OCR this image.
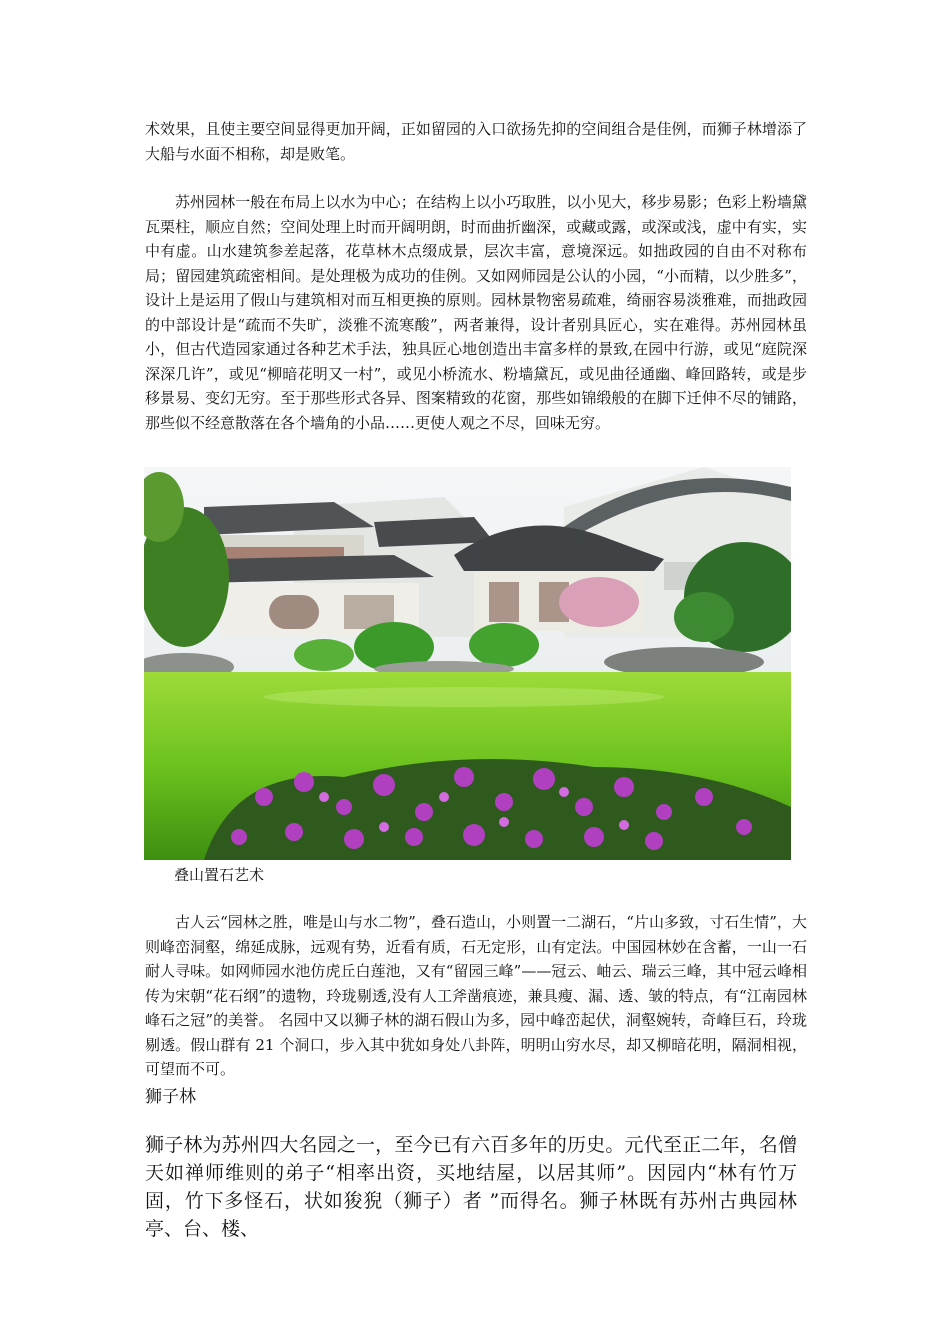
术效果，且使主要空间显得更加开阔，正如留园的入口欲扬先抑的空间组合是佳例，而狮子林增添了大船与水面不相称，却是败笔。

苏州园林一般在布局上以水为中心；在结构上以小巧取胜，以小见大，移步易影；色彩上粉墙黛瓦栗柱，顺应自然；空间处理上时而开阔明朗，时而曲折幽深，或藏或露，或深或浅，虚中有实，实中有虚。山水建筑参差起落，花草林木点缀成景，层次丰富，意境深远。如拙政园的自由不对称布局；留园建筑疏密相间。是处理极为成功的佳例。又如网师园是公认的小园，“小而精，以少胜多”，设计上是运用了假山与建筑相对而互相更换的原则。园林景物密易疏难，绮丽容易淡雅难，而拙政园的中部设计是“疏而不失旷，淡雅不流寒酸”，两者兼得，设计者别具匠心，实在难得。苏州园林虽小，但古代造园家通过各种艺术手法，独具匠心地创造出丰富多样的景致,在园中行游，或见“庭院深深深几许”，或见“柳暗花明又一村”，或见小桥流水、粉墙黛瓦，或见曲径通幽、峰回路转，或是步移景易、变幻无穷。至于那些形式各异、图案精致的花窗，那些如锦缎般的在脚下迁伸不尽的铺路，那些似不经意散落在各个墙角的小品……更使人观之不尽，回味无穷。

叠山置石艺术

古人云“园林之胜，唯是山与水二物”，叠石造山，小则置一二湖石，“片山多致，寸石生情”，大则峰峦洞壑，绵延成脉，远观有势，近看有质，石无定形，山有定法。中国园林妙在含蓄，一山一石耐人寻味。如网师园水池仿虎丘白莲池，又有“留园三峰”——冠云、岫云、瑞云三峰，其中冠云峰相传为宋朝“花石纲”的遗物，玲珑剔透,没有人工斧凿痕迹，兼具瘦、漏、透、皱的特点，有“江南园林峰石之冠”的美誉。 名园中又以狮子林的湖石假山为多，园中峰峦起伏，洞壑婉转，奇峰巨石，玲珑剔透。假山群有 21 个洞口，步入其中犹如身处八卦阵，明明山穷水尽，却又柳暗花明，隔洞相视，可望而不可。

狮子林

狮子林为苏州四大名园之一，至今已有六百多年的历史。元代至正二年，名僧天如禅师维则的弟子“相率出资，买地结屋，以居其师”。因园内“林有竹万固，竹下多怪石，状如狻猊（狮子）者 ”而得名。狮子林既有苏州古典园林亭、台、楼、
